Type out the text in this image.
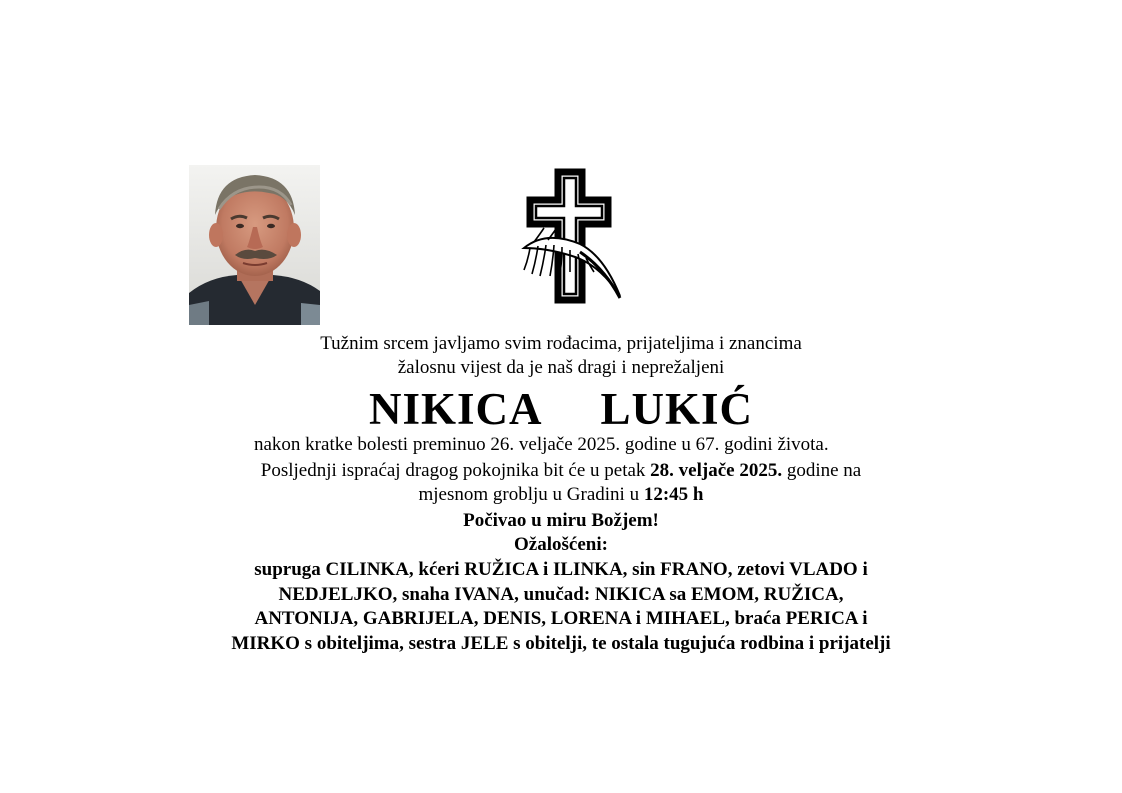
Tužnim srcem javljamo svim rođacima, prijateljima i znancima
žalosnu vijest da je naš dragi i neprežaljeni
NIKICA LUKIĆ
nakon kratke bolesti preminuo 26. veljače 2025. godine u 67. godini života.
Posljednji ispraćaj dragog pokojnika bit će u petak 28. veljače 2025. godine na
mjesnom groblju u Gradini u 12:45 h
Počivao u miru Božjem!
Ožalošćeni:
supruga CILINKA, kćeri RUŽICA i ILINKA, sin FRANO, zetovi VLADO i
NEDJELJKO, snaha IVANA, unučad: NIKICA sa EMOM, RUŽICA,
ANTONIJA, GABRIJELA, DENIS, LORENA i MIHAEL, braća PERICA i
MIRKO s obiteljima, sestra JELE s obitelji, te ostala tugujuća rodbina i prijatelji
